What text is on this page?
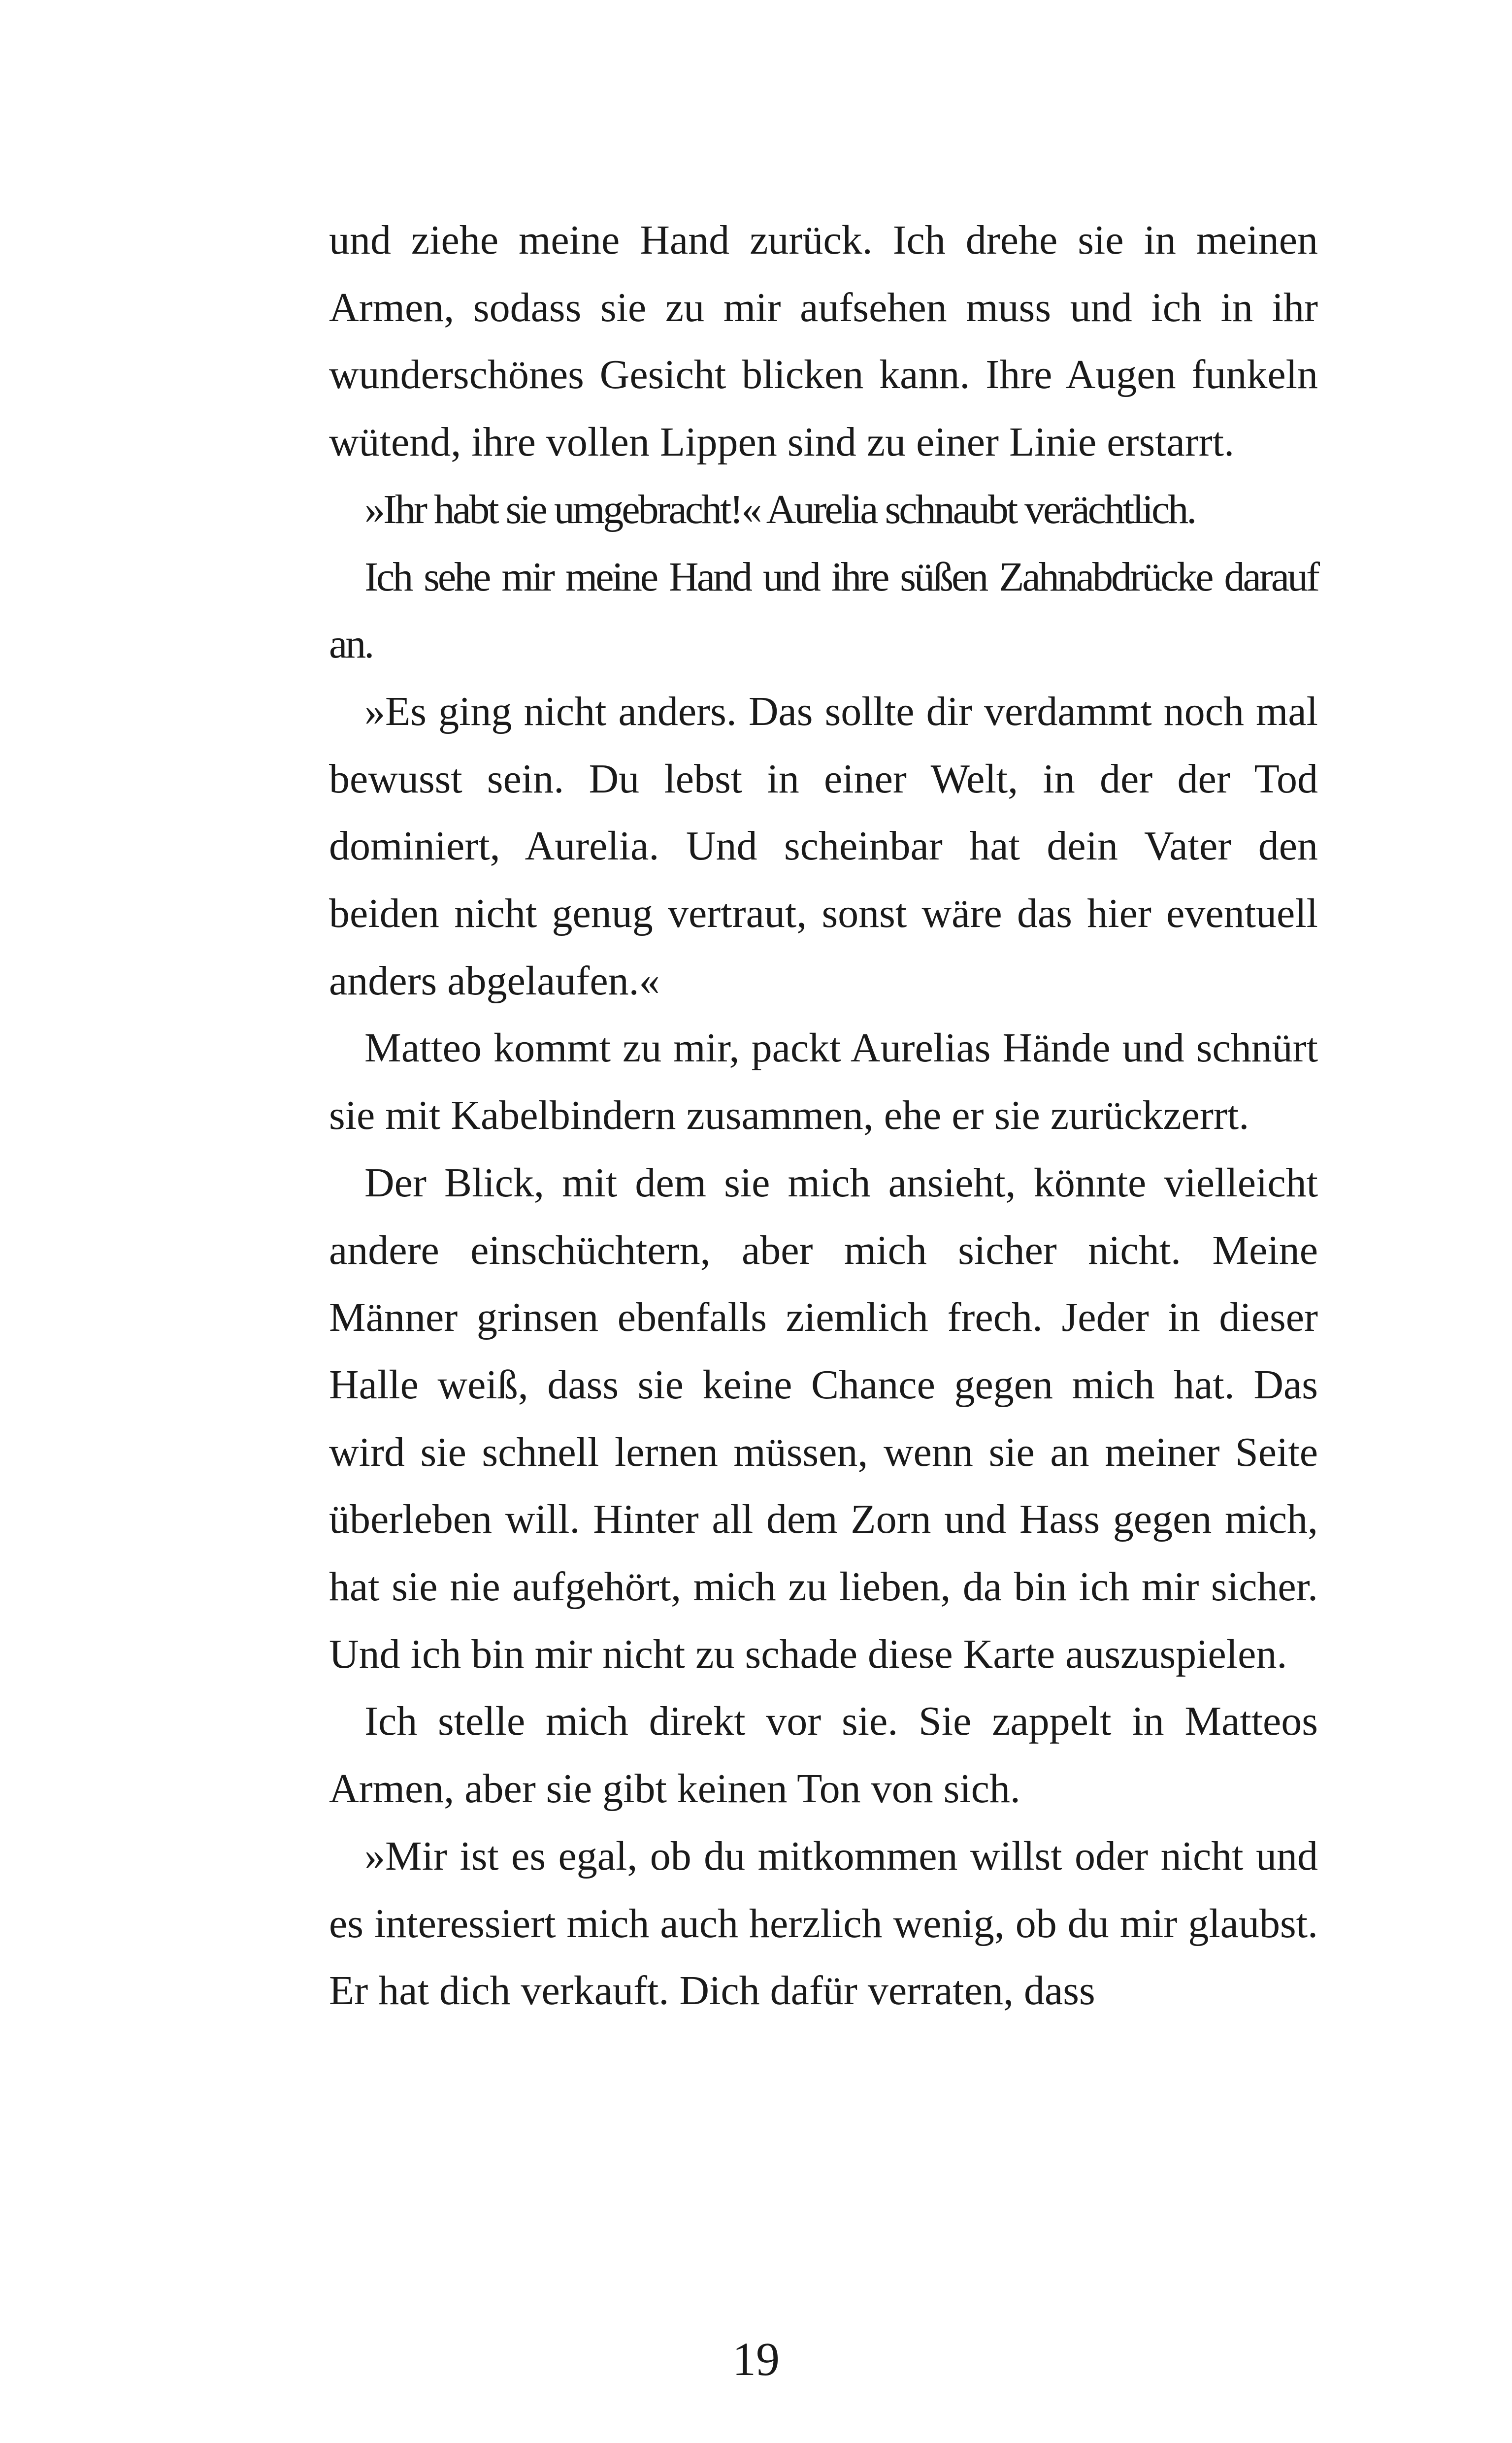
und ziehe meine Hand zurück. Ich drehe sie in meinen Armen, sodass sie zu mir aufsehen muss und ich in ihr wunderschönes Gesicht blicken kann. Ihre Augen funkeln wütend, ihre vollen Lippen sind zu einer Linie erstarrt.

»Ihr habt sie umgebracht!« Aurelia schnaubt verächtlich.

Ich sehe mir meine Hand und ihre süßen Zahnabdrücke darauf an.

»Es ging nicht anders. Das sollte dir verdammt noch mal bewusst sein. Du lebst in einer Welt, in der der Tod dominiert, Aurelia. Und scheinbar hat dein Vater den beiden nicht genug vertraut, sonst wäre das hier eventuell anders abgelaufen.«

Matteo kommt zu mir, packt Aurelias Hände und schnürt sie mit Kabelbindern zusammen, ehe er sie zurückzerrt.

Der Blick, mit dem sie mich ansieht, könnte vielleicht andere einschüchtern, aber mich sicher nicht. Meine Männer grinsen ebenfalls ziemlich frech. Jeder in dieser Halle weiß, dass sie keine Chance gegen mich hat. Das wird sie schnell lernen müssen, wenn sie an meiner Seite überleben will. Hinter all dem Zorn und Hass gegen mich, hat sie nie aufgehört, mich zu lieben, da bin ich mir sicher. Und ich bin mir nicht zu schade diese Karte auszuspielen.

Ich stelle mich direkt vor sie. Sie zappelt in Matteos Armen, aber sie gibt keinen Ton von sich.

»Mir ist es egal, ob du mitkommen willst oder nicht und es interessiert mich auch herzlich wenig, ob du mir glaubst. Er hat dich verkauft. Dich dafür verraten, dass

19
